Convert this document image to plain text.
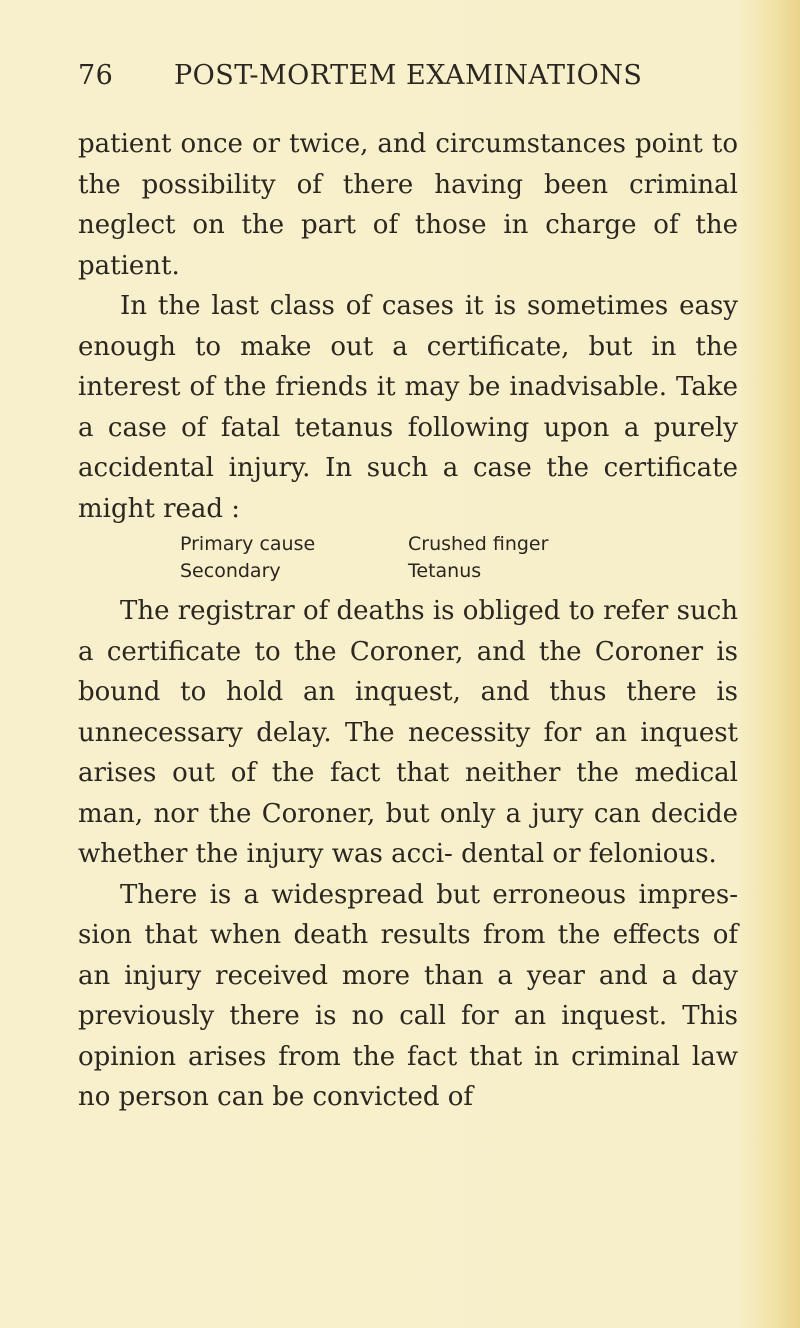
76 POST-MORTEM EXAMINATIONS

patient once or twice, and circumstances point to the possibility of there having been criminal neglect on the part of those in charge of the patient.

In the last class of cases it is sometimes easy enough to make out a certificate, but in the interest of the friends it may be inadvisable. Take a case of fatal tetanus following upon a purely accidental injury. In such a case the certificate might read :

Primary cause	Crushed finger
Secondary	Tetanus

The registrar of deaths is obliged to refer such a certificate to the Coroner, and the Coroner is bound to hold an inquest, and thus there is unnecessary delay. The necessity for an inquest arises out of the fact that neither the medical man, nor the Coroner, but only a jury can decide whether the injury was acci- dental or felonious.

There is a widespread but erroneous impres- sion that when death results from the effects of an injury received more than a year and a day previously there is no call for an inquest. This opinion arises from the fact that in criminal law no person can be convicted of
